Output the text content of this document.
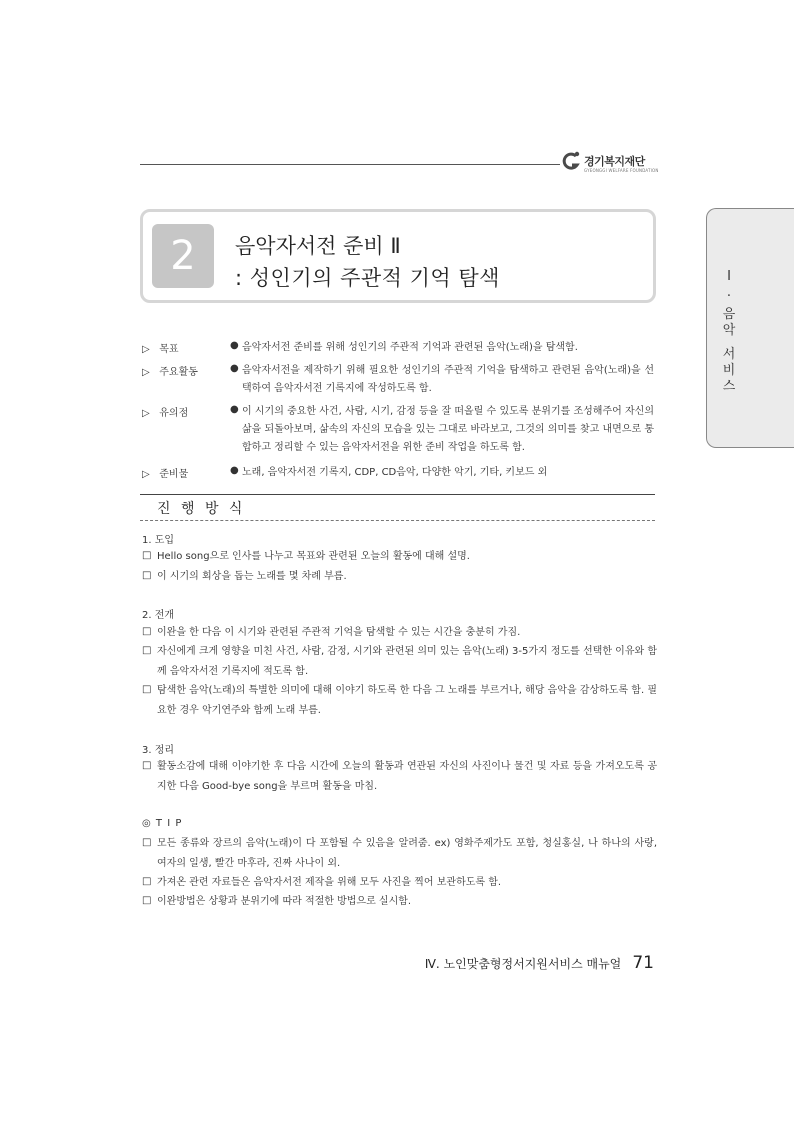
경기복지재단
GYEONGGI WELFARE FOUNDATION
Ⅰ
.
음
악
서
비
스
2	음악자서전 준비 Ⅱ
: 성인기의 주관적 기억 탐색
▷ 목표	● 음악자서전 준비를 위해 성인기의 주관적 기억과 관련된 음악(노래)을 탐색함.
▷ 주요활동	● 음악자서전을 제작하기 위해 필요한 성인기의 주관적 기억을 탐색하고 관련된 음악(노래)을 선택하여 음악자서전 기록지에 작성하도록 함.
▷ 유의점	● 이 시기의 중요한 사건, 사람, 시기, 감정 등을 잘 떠올릴 수 있도록 분위기를 조성해주어 자신의 삶을 되돌아보며, 삶속의 자신의 모습을 있는 그대로 바라보고, 그것의 의미를 찾고 내면으로 통합하고 정리할 수 있는 음악자서전을 위한 준비 작업을 하도록 함.
▷ 준비물	● 노래, 음악자서전 기록지, CDP, CD음악, 다양한 악기, 기타, 키보드 외
진 행 방 식
1. 도입
□ Hello song으로 인사를 나누고 목표와 관련된 오늘의 활동에 대해 설명.
□ 이 시기의 회상을 돕는 노래를 몇 차례 부름.
2. 전개
□ 이완을 한 다음 이 시기와 관련된 주관적 기억을 탐색할 수 있는 시간을 충분히 가짐.
□ 자신에게 크게 영향을 미친 사건, 사람, 감정, 시기와 관련된 의미 있는 음악(노래) 3-5가지 정도를 선택한 이유와 함께 음악자서전 기록지에 적도록 함.
□ 탐색한 음악(노래)의 특별한 의미에 대해 이야기 하도록 한 다음 그 노래를 부르거나, 해당 음악을 감상하도록 함. 필요한 경우 악기연주와 함께 노래 부름.
3. 정리
□ 활동소감에 대해 이야기한 후 다음 시간에 오늘의 활동과 연관된 자신의 사진이나 물건 및 자료 등을 가져오도록 공지한 다음 Good-bye song을 부르며 활동을 마침.
◎ T I P
□ 모든 종류와 장르의 음악(노래)이 다 포함될 수 있음을 알려줌. ex) 영화주제가도 포함, 청실홍실, 나 하나의 사랑, 여자의 일생, 빨간 마후라, 진짜 사나이 외.
□ 가져온 관련 자료들은 음악자서전 제작을 위해 모두 사진을 찍어 보관하도록 함.
□ 이완방법은 상황과 분위기에 따라 적절한 방법으로 실시함.
Ⅳ. 노인맞춤형정서지원서비스 매뉴얼 71
